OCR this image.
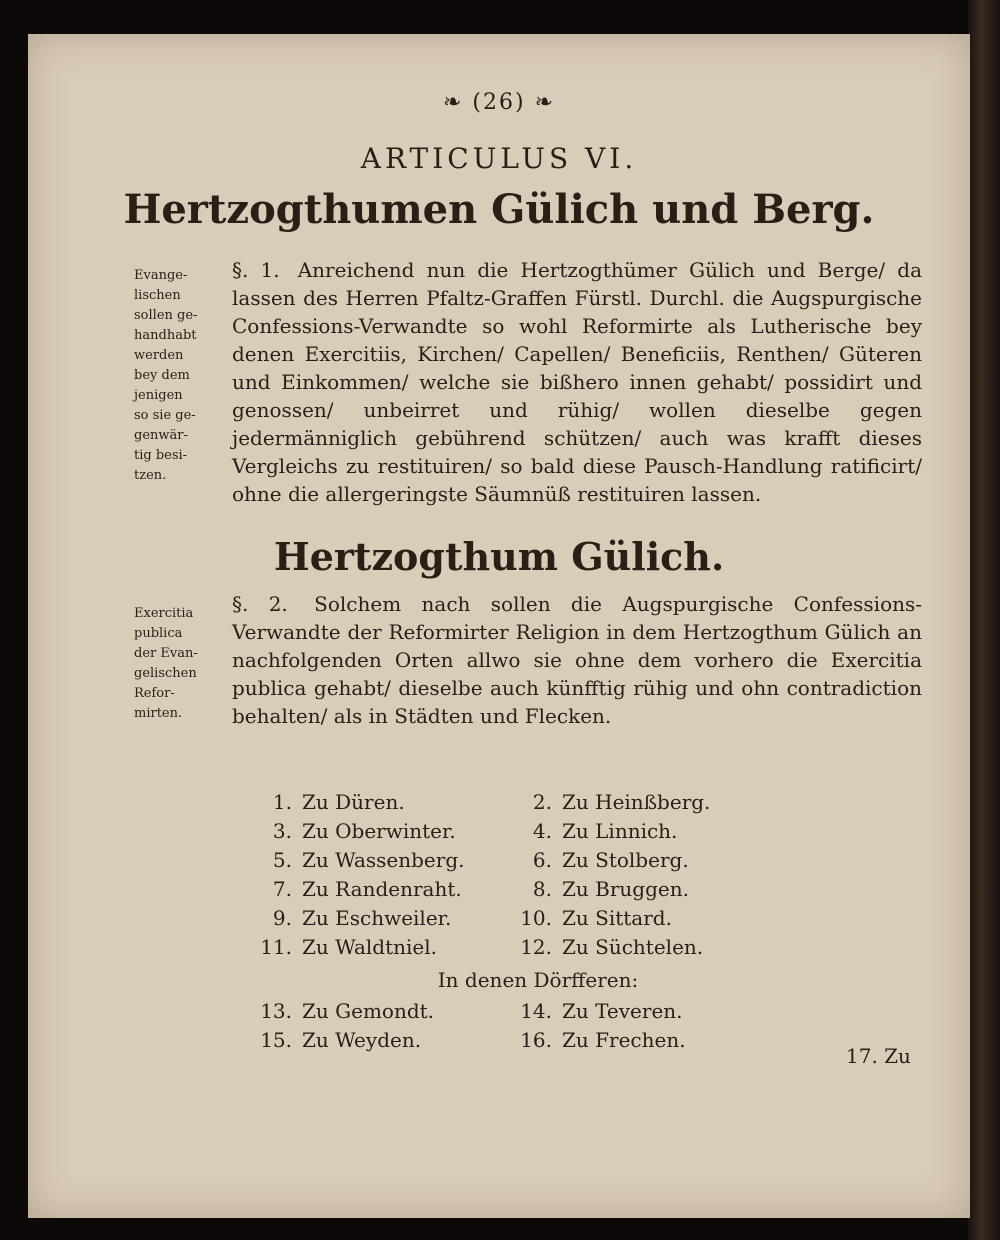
❧ (26) ❧
ARTICULUS VI.
Hertzogthumen Gülich und Berg.
Evange-
lischen
sollen ge-
handhabt
werden
bey dem
jenigen
so sie ge-
genwär-
tig besi-
tzen.
§. 1. Anreichend nun die Hertzogthümer Gülich und Berge/ da lassen des Herren Pfaltz-Graffen Fürstl. Durchl. die Augspurgische Confessions-Verwandte so wohl Reformirte als Lutherische bey denen Exercitiis, Kirchen/ Capellen/ Beneficiis, Renthen/ Güteren und Einkommen/ welche sie bißhero innen gehabt/ possidirt und genossen/ unbeirret und rühig/ wollen dieselbe gegen jedermänniglich gebührend schützen/ auch was krafft dieses Vergleichs zu restituiren/ so bald diese Pausch-Handlung ratificirt/ ohne die allergeringste Säumnüß restituiren lassen.
Hertzogthum Gülich.
Exercitia
publica
der Evan-
gelischen
Refor-
mirten.
§. 2. Solchem nach sollen die Augspurgische Confessions-Verwandte der Reformirter Religion in dem Hertzogthum Gülich an nachfolgenden Orten allwo sie ohne dem vorhero die Exercitia publica gehabt/ dieselbe auch künfftig rühig und ohn contradiction behalten/ als in Städten und Flecken.
1. Zu Düren.	2. Zu Heinßberg.
3. Zu Oberwinter.	4. Zu Linnich.
5. Zu Wassenberg.	6. Zu Stolberg.
7. Zu Randenraht.	8. Zu Bruggen.
9. Zu Eschweiler.	10. Zu Sittard.
11. Zu Waldtniel.	12. Zu Süchtelen.
In denen Dörfferen:
13. Zu Gemondt.	14. Zu Teveren.
15. Zu Weyden.	16. Zu Frechen.
17. Zu
